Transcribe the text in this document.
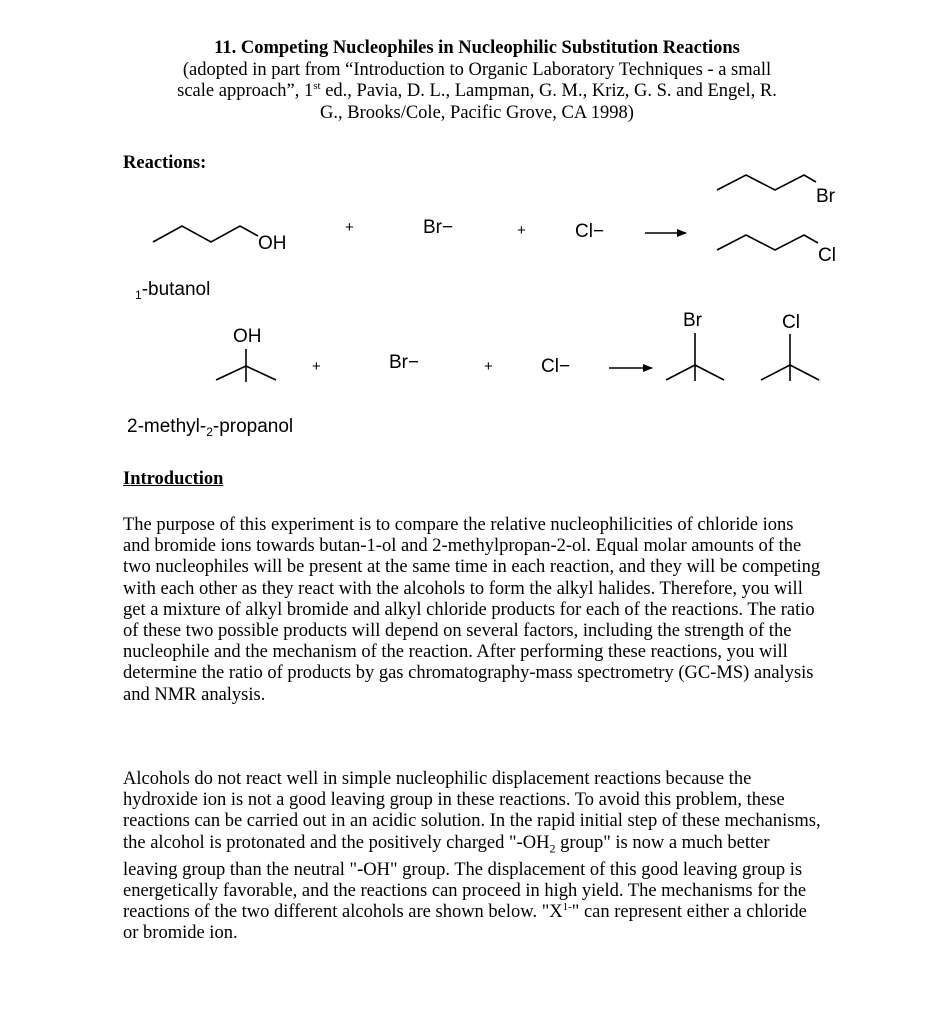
11. Competing Nucleophiles in Nucleophilic Substitution Reactions
(adopted in part from “Introduction to Organic Laboratory Techniques - a small
scale approach”, 1st ed., Pavia, D. L., Lampman, G. M., Kriz, G. S. and Engel, R.
G., Brooks/Cole, Pacific Grove, CA 1998)
Reactions:
OH
+	Br−	+	Cl−
Br
Cl
$_1$-butanol
OH
+	Br−	+	Cl−
Br	Cl
$2-methyl-_2$-propanol
Introduction

The purpose of this experiment is to compare the relative nucleophilicities of chloride ions and bromide ions towards butan-1-ol and 2-methylpropan-2-ol. Equal molar amounts of the two nucleophiles will be present at the same time in each reaction, and they will be competing with each other as they react with the alcohols to form the alkyl halides. Therefore, you will get a mixture of alkyl bromide and alkyl chloride products for each of the reactions. The ratio of these two possible products will depend on several factors, including the strength of the nucleophile and the mechanism of the reaction. After performing these reactions, you will determine the ratio of products by gas chromatography-mass spectrometry (GC-MS) analysis and NMR analysis.

Alcohols do not react well in simple nucleophilic displacement reactions because the hydroxide ion is not a good leaving group in these reactions. To avoid this problem, these reactions can be carried out in an acidic solution. In the rapid initial step of these mechanisms, the alcohol is protonated and the positively charged "$-OH_2$ group" is now a much better leaving group than the neutral "-OH" group. The displacement of this good leaving group is energetically favorable, and the reactions can proceed in high yield. The mechanisms for the reactions of the two different alcohols are shown below. "$X^{1-}$" can represent either a chloride or bromide ion.
